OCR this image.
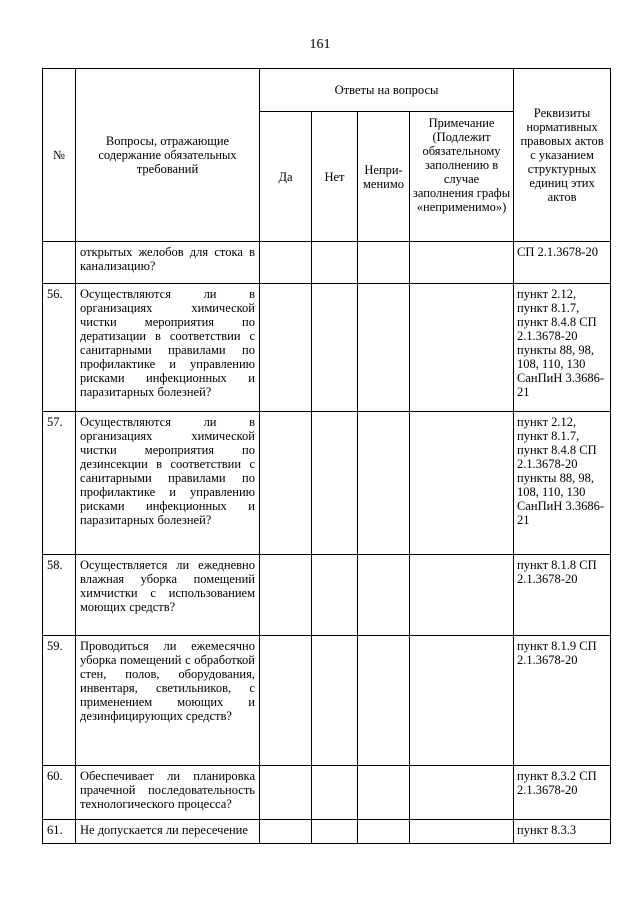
161
№	Вопросы, отражающие содержание обязательных требований	Ответы на вопросы				Реквизиты нормативных правовых актов с указанием структурных единиц этих актов
		Да	Нет	Непри-менимо	Примечание (Подлежит обязательному заполнению в случае заполнения графы «неприменимо»)	
	открытых желобов для стока в канализацию?					СП 2.1.3678-20
56.	Осуществляются ли в организациях химической чистки мероприятия по дератизации в соответствии с санитарными правилами по профилактике и управлению рисками инфекционных и паразитарных болезней?					пункт 2.12, пункт 8.1.7, пункт 8.4.8 СП 2.1.3678-20 пункты 88, 98, 108, 110, 130 СанПиН 3.3686-21
57.	Осуществляются ли в организациях химической чистки мероприятия по дезинсекции в соответствии с санитарными правилами по профилактике и управлению рисками инфекционных и паразитарных болезней?					пункт 2.12, пункт 8.1.7, пункт 8.4.8 СП 2.1.3678-20 пункты 88, 98, 108, 110, 130 СанПиН 3.3686-21
58.	Осуществляется ли ежедневно влажная уборка помещений химчистки с использованием моющих средств?					пункт 8.1.8 СП 2.1.3678-20
59.	Проводиться ли ежемесячно уборка помещений с обработкой стен, полов, оборудования, инвентаря, светильников, с применением моющих и дезинфицирующих средств?					пункт 8.1.9 СП 2.1.3678-20
60.	Обеспечивает ли планировка прачечной последовательность технологического процесса?					пункт 8.3.2 СП 2.1.3678-20
61.	Не допускается ли пересечение					пункт 8.3.3
